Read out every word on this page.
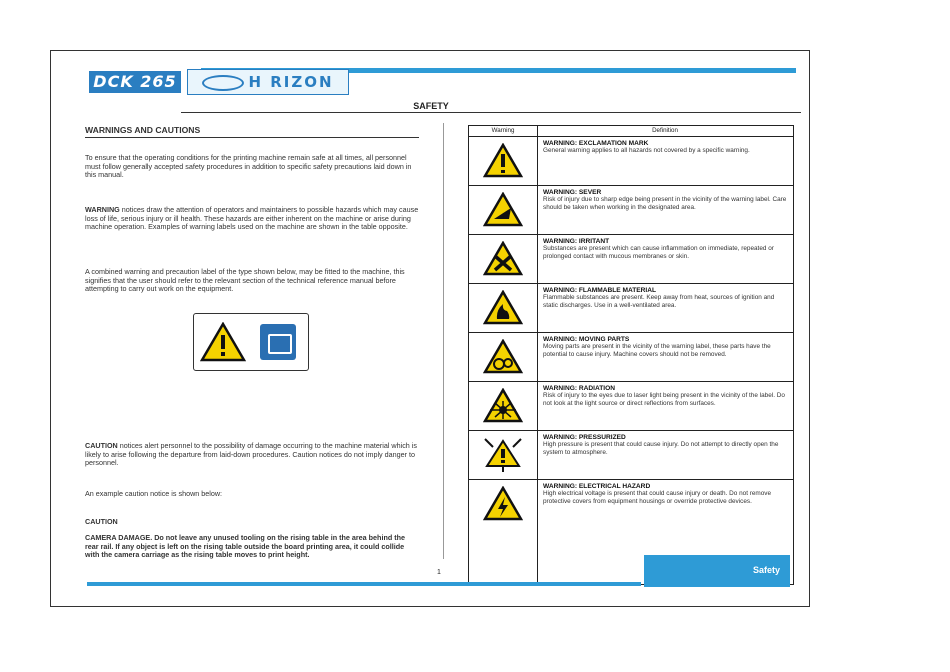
DCK 265	H RIZON
SAFETY
WARNINGS AND CAUTIONS

To ensure that the operating conditions for the printing machine remain safe at all times, all personnel must follow generally accepted safety procedures in addition to specific safety precautions laid down in this manual.

WARNING notices draw the attention of operators and maintainers to possible hazards which may cause loss of life, serious injury or ill health. These hazards are either inherent on the machine or arise during machine operation. Examples of warning labels used on the machine are shown in the table opposite.

A combined warning and precaution label of the type shown below, may be fitted to the machine, this signifies that the user should refer to the relevant section of the technical reference manual before attempting to carry out work on the equipment.

CAUTION notices alert personnel to the possibility of damage occurring to the machine material which is likely to arise following the departure from laid-down procedures. Caution notices do not imply danger to personnel.

An example caution notice is shown below:

CAUTION

CAMERA DAMAGE. Do not leave any unused tooling on the rising table in the area behind the rear rail. If any object is left on the rising table outside the board printing area, it could collide with the camera carriage as the rising table moves to print height.

Warning	Definition
WARNING: EXCLAMATION MARK
General warning applies to all hazards not covered by a specific warning.
WARNING: SEVER
Risk of injury due to sharp edge being present in the vicinity of the warning label. Care should be taken when working in the designated area.
WARNING: IRRITANT
Substances are present which can cause inflammation on immediate, repeated or prolonged contact with mucous membranes or skin.
WARNING: FLAMMABLE MATERIAL
Flammable substances are present. Keep away from heat, sources of ignition and static discharges. Use in a well-ventilated area.
WARNING: MOVING PARTS
Moving parts are present in the vicinity of the warning label, these parts have the potential to cause injury. Machine covers should not be removed.
WARNING: RADIATION
Risk of injury to the eyes due to laser light being present in the vicinity of the label. Do not look at the light source or direct reflections from surfaces.
WARNING: PRESSURIZED
High pressure is present that could cause injury. Do not attempt to directly open the system to atmosphere.
WARNING: ELECTRICAL HAZARD
High electrical voltage is present that could cause injury or death. Do not remove protective covers from equipment housings or override protective devices.
1	Safety
